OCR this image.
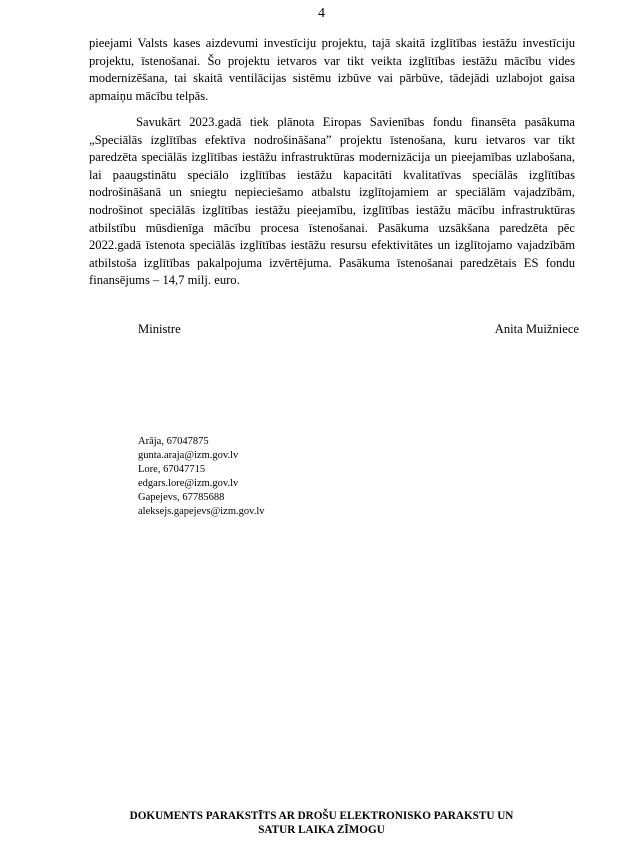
4
pieejami Valsts kases aizdevumi investīciju projektu, tajā skaitā izglītības iestāžu investīciju projektu, īstenošanai. Šo projektu ietvaros var tikt veikta izglītības iestāžu mācību vides modernizēšana, tai skaitā ventilācijas sistēmu izbūve vai pārbūve, tādejādi uzlabojot gaisa apmaiņu mācību telpās.
Savukārt 2023.gadā tiek plānota Eiropas Savienības fondu finansēta pasākuma „Speciālās izglītības efektīva nodrošināšana” projektu īstenošana, kuru ietvaros var tikt paredzēta speciālās izglītības iestāžu infrastruktūras modernizācija un pieejamības uzlabošana, lai paaugstinātu speciālo izglītības iestāžu kapacitāti kvalitatīvas speciālās izglītības nodrošināšanā un sniegtu nepieciešamo atbalstu izglītojamiem ar speciālām vajadzībām, nodrošinot speciālās izglītības iestāžu pieejamību, izglītības iestāžu mācību infrastruktūras atbilstību mūsdienīga mācību procesa īstenošanai. Pasākuma uzsākšana paredzēta pēc 2022.gadā īstenota speciālās izglītības iestāžu resursu efektivitātes un izglītojamo vajadzībām atbilstoša izglītības pakalpojuma izvērtējuma. Pasākuma īstenošanai paredzētais ES fondu finansējums – 14,7 milj. euro.
Ministre	Anita Muižniece
Arāja, 67047875
gunta.araja@izm.gov.lv
Lore, 67047715
edgars.lore@izm.gov.lv
Gapejevs, 67785688
aleksejs.gapejevs@izm.gov.lv
DOKUMENTS PARAKSTĪTS AR DROŠU ELEKTRONISKO PARAKSTU UN
SATUR LAIKA ZĪMOGU
